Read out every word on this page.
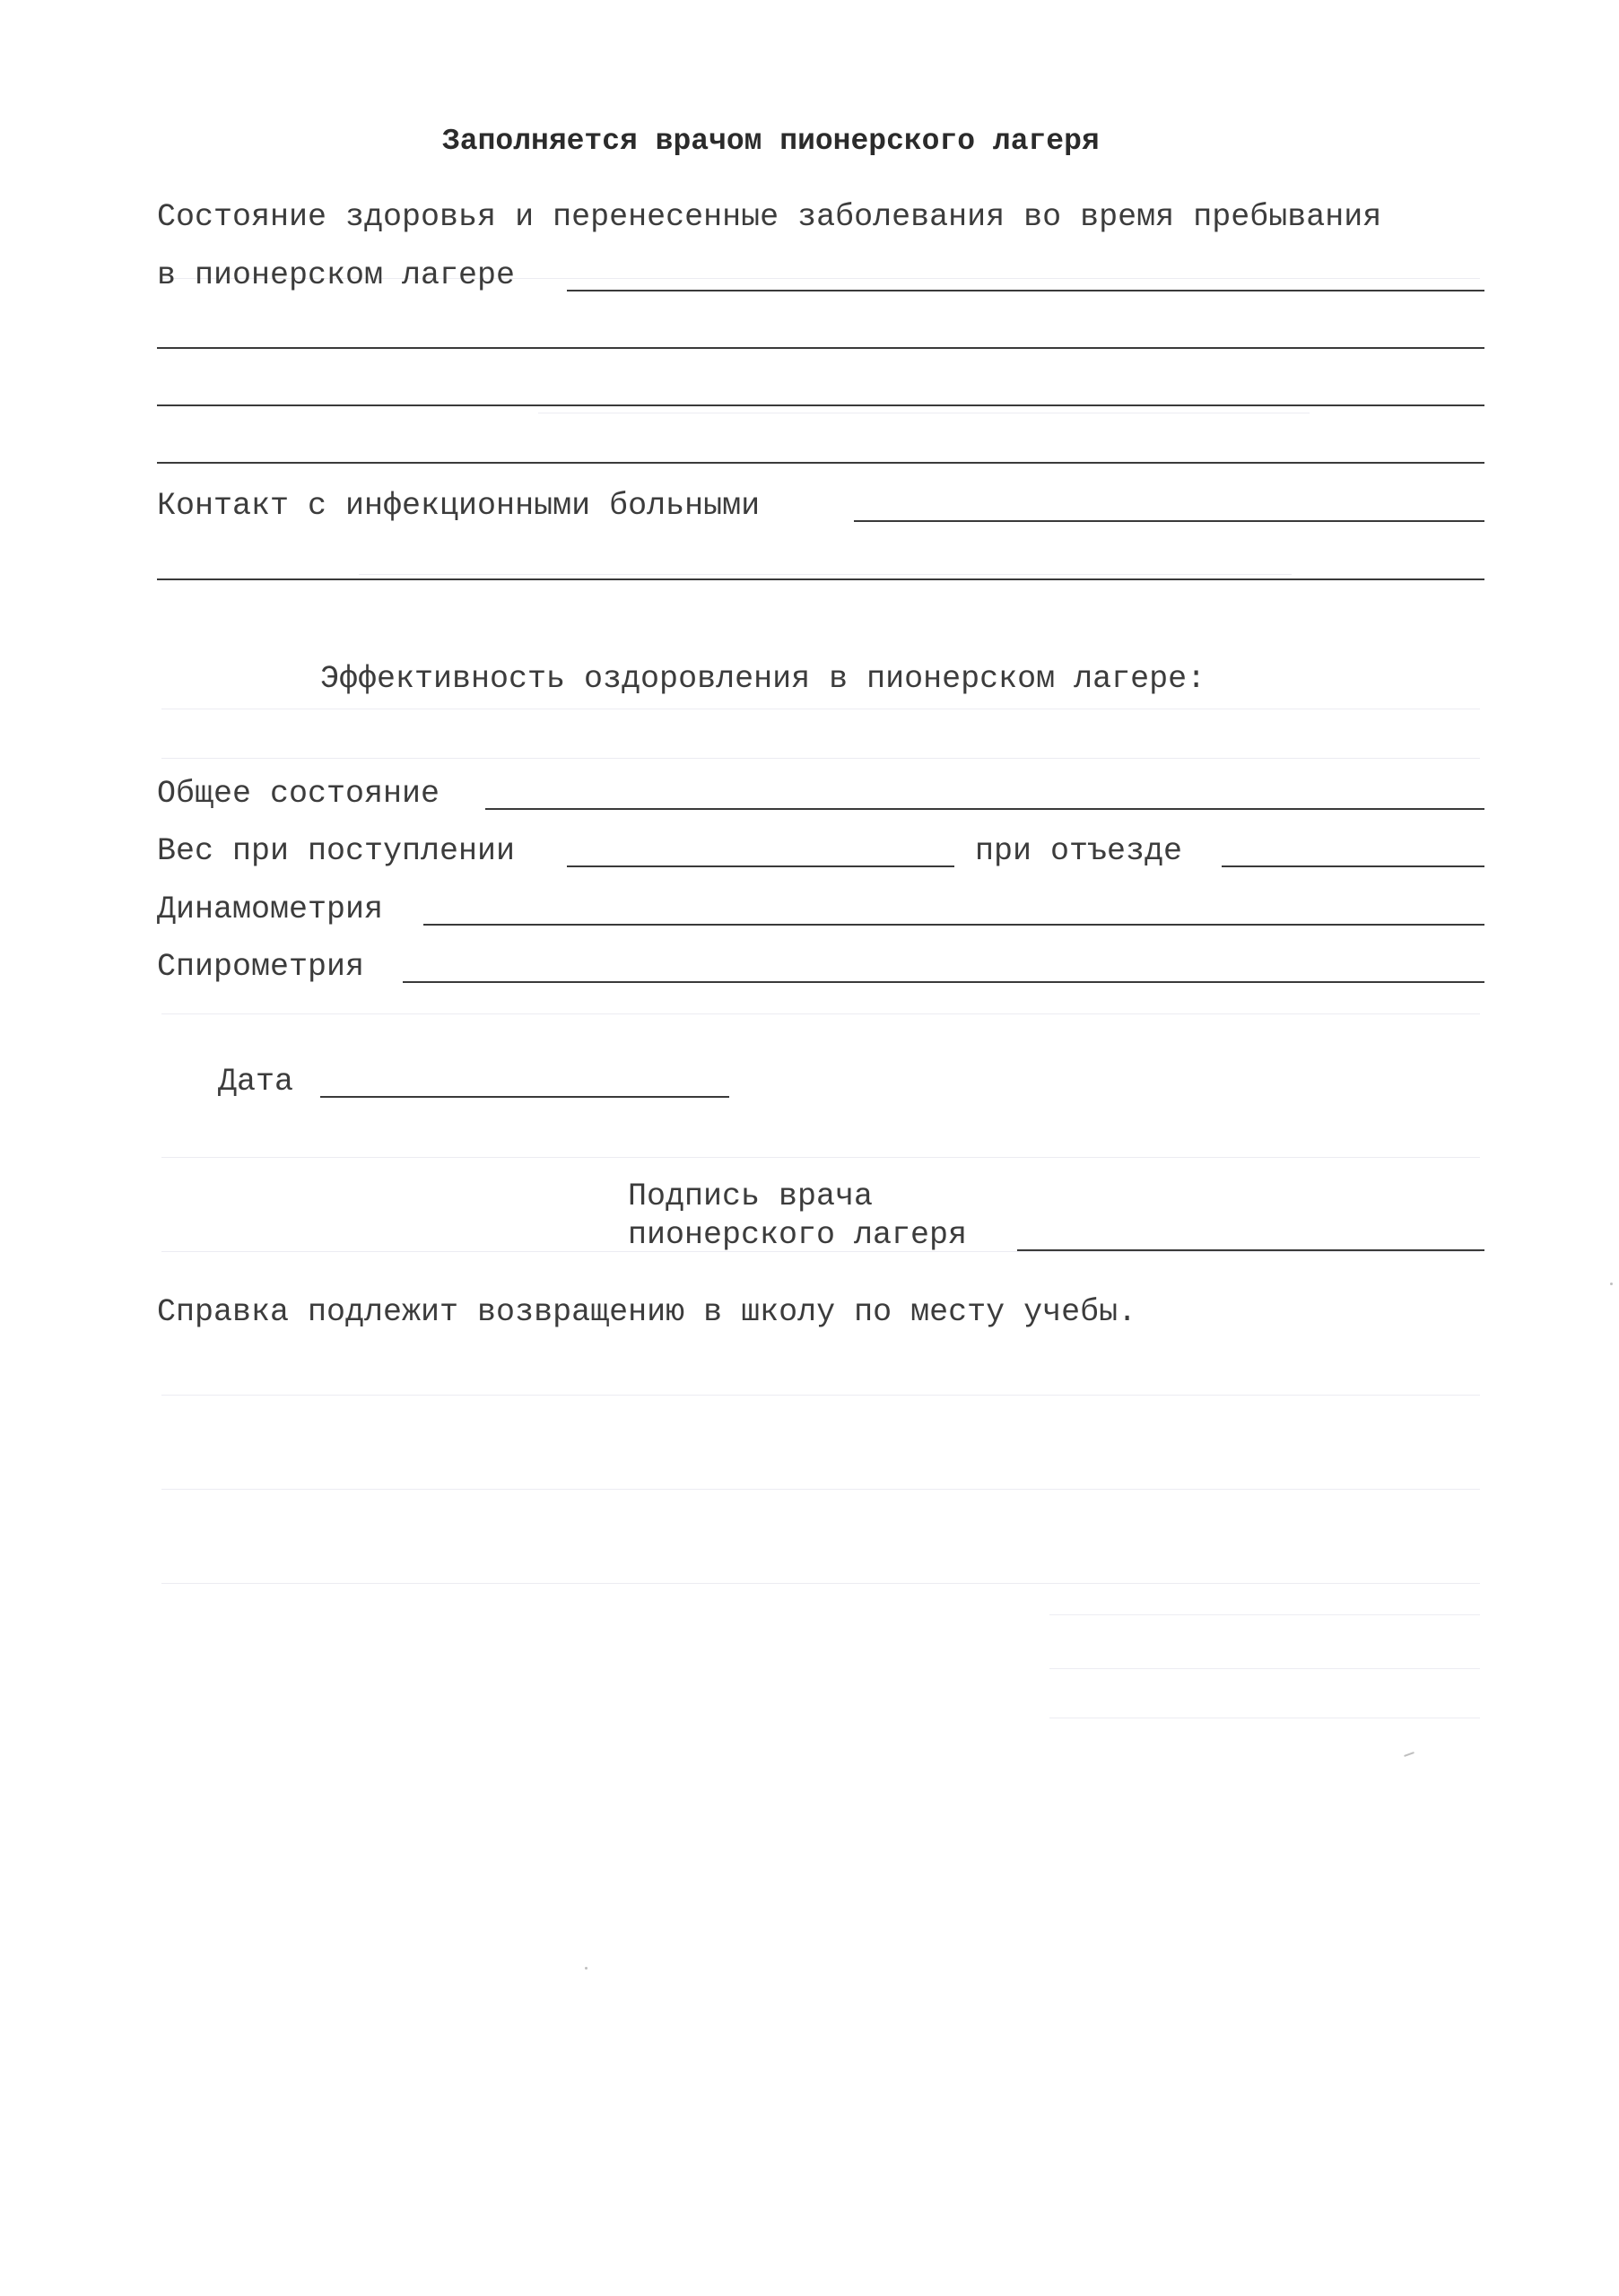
Заполняется врачом пионерского лагеря
Состояние здоровья и перенесенные заболевания во время пребывания
в пионерском лагере
Контакт с инфекционными больными
Эффективность оздоровления в пионерском лагере:
Общее состояние
Вес при поступлении	при отъезде
Динамометрия
Спирометрия
Дата
Подпись врача
пионерского лагеря
Справка подлежит возвращению в школу по месту учебы.
